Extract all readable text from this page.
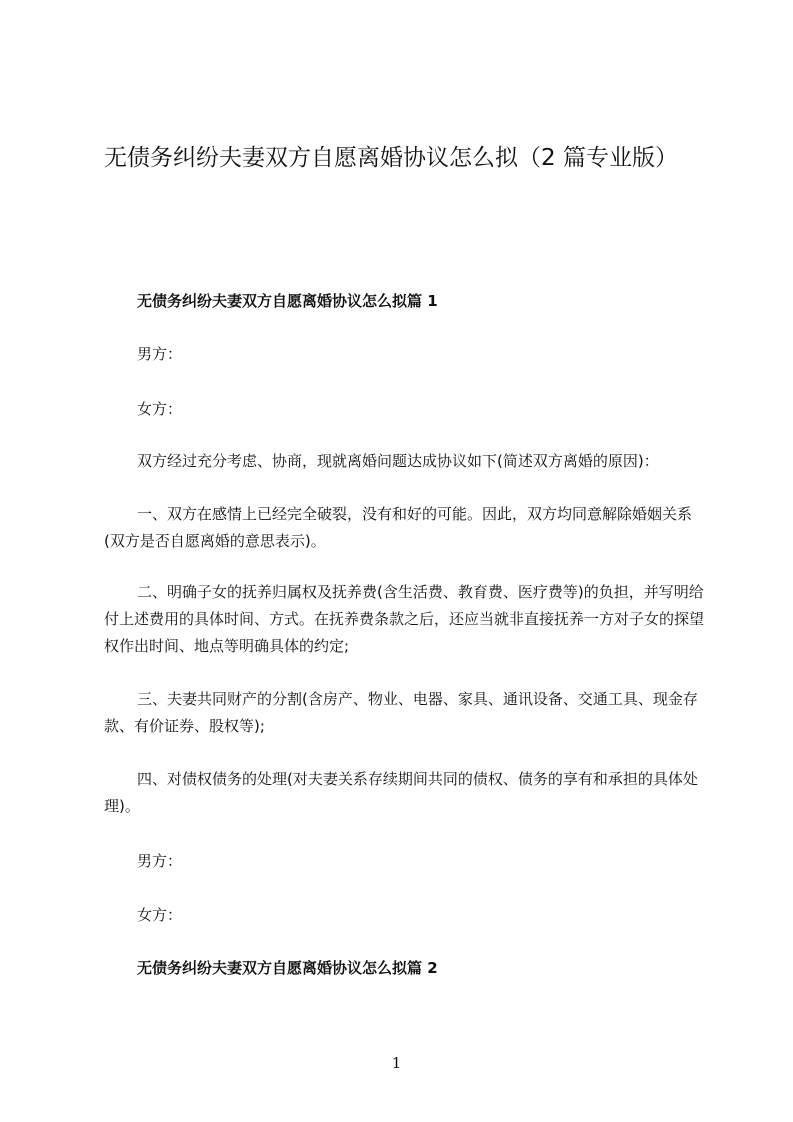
无债务纠纷夫妻双方自愿离婚协议怎么拟（2 篇专业版）
无债务纠纷夫妻双方自愿离婚协议怎么拟篇 1
男方：
女方：
双方经过充分考虑、协商，现就离婚问题达成协议如下(简述双方离婚的原因)：
一、双方在感情上已经完全破裂，没有和好的可能。因此，双方均同意解除婚姻关系(双方是否自愿离婚的意思表示)。
二、明确子女的抚养归属权及抚养费(含生活费、教育费、医疗费等)的负担，并写明给付上述费用的具体时间、方式。在抚养费条款之后，还应当就非直接抚养一方对子女的探望权作出时间、地点等明确具体的约定;
三、夫妻共同财产的分割(含房产、物业、电器、家具、通讯设备、交通工具、现金存款、有价证券、股权等);
四、对债权债务的处理(对夫妻关系存续期间共同的债权、债务的享有和承担的具体处理)。
男方：
女方：
无债务纠纷夫妻双方自愿离婚协议怎么拟篇 2
1
